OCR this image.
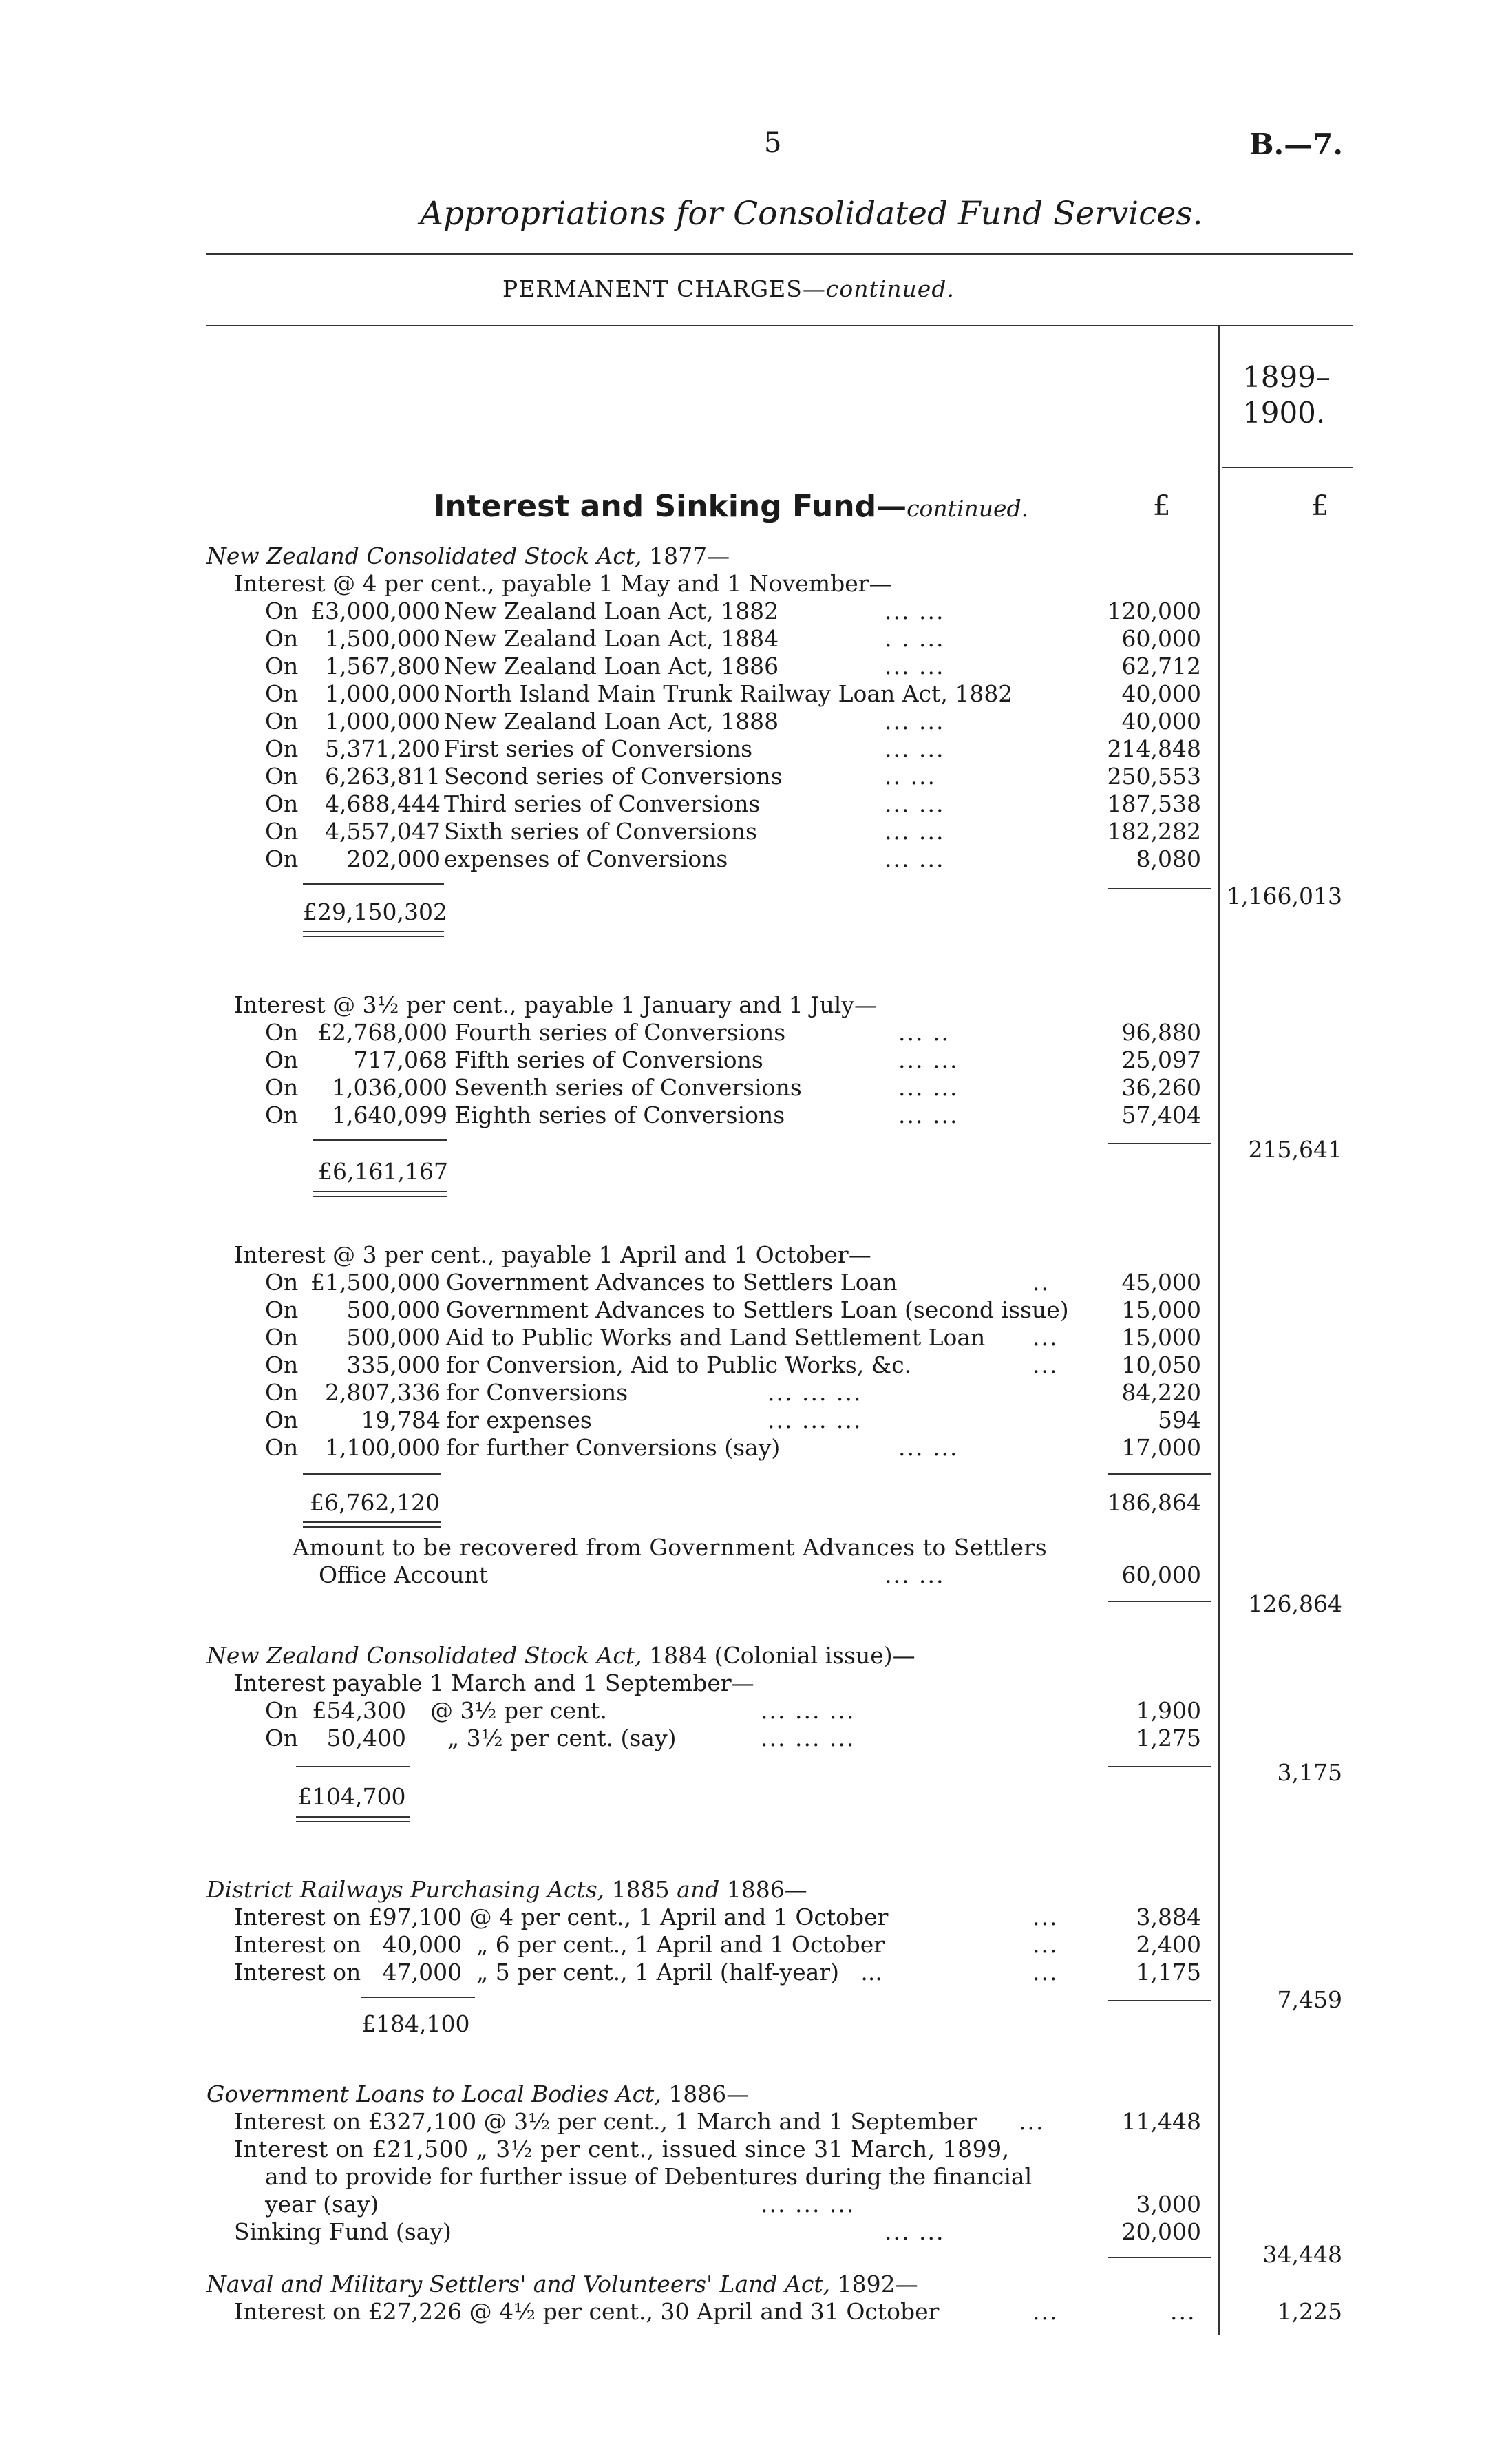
5	B.—7.
Appropriations for Consolidated Fund Services.
PERMANENT CHARGES—continued.
1899–1900.
Interest and Sinking Fund—continued.	£	£
New Zealand Consolidated Stock Act, 1877—
Interest @ 4 per cent., payable 1 May and 1 November—
On £3,000,000 New Zealand Loan Act, 1882	... ...	120,000
On	1,500,000 New Zealand Loan Act, 1884	. . ...	60,000
On	1,567,800 New Zealand Loan Act, 1886	... ...	62,712
On	1,000,000 North Island Main Trunk Railway Loan Act, 1882	40,000
On	1,000,000 New Zealand Loan Act, 1888	... ...	40,000
On	5,371,200 First series of Conversions	... ...	214,848
On	6,263,811 Second series of Conversions	.. ...	250,553
On	4,688,444 Third series of Conversions	... ...	187,538
On	4,557,047 Sixth series of Conversions	... ...	182,282
On	202,000 expenses of Conversions	... ...	8,080
£29,150,302
1,166,013
Interest @ 3½ per cent., payable 1 January and 1 July—
On £2,768,000 Fourth series of Conversions	... ..	96,880
On	717,068 Fifth series of Conversions	... ...	25,097
On	1,036,000 Seventh series of Conversions	... ...	36,260
On	1,640,099 Eighth series of Conversions	... ...	57,404
£6,161,167
215,641
Interest @ 3 per cent., payable 1 April and 1 October—
On £1,500,000 Government Advances to Settlers Loan	..	45,000
On	500,000 Government Advances to Settlers Loan (second issue)	15,000
On	500,000 Aid to Public Works and Land Settlement Loan ...	15,000
On	335,000 for Conversion, Aid to Public Works, &c.	...	10,050
On	2,807,336 for Conversions	... ... ...	84,220
On	19,784 for expenses	... ... ...	594
On	1,100,000 for further Conversions (say)	... ...	17,000
£6,762,120	186,864
Amount to be recovered from Government Advances to Settlers
Office Account	... ...	60,000
126,864
New Zealand Consolidated Stock Act, 1884 (Colonial issue)—
Interest payable 1 March and 1 September—
On £54,300 @ 3½ per cent.	... ... ...	1,900
On	50,400 „ 3½ per cent. (say)	... ... ...	1,275
£104,700
3,175
District Railways Purchasing Acts, 1885 and 1886—
Interest on £97,100 @ 4 per cent., 1 April and 1 October	...	3,884
Interest on   40,000  „ 6 per cent., 1 April and 1 October	...	2,400
Interest on   47,000  „ 5 per cent., 1 April (half-year)   ...	...	1,175
£184,100
7,459
Government Loans to Local Bodies Act, 1886—
Interest on £327,100 @ 3½ per cent., 1 March and 1 September ...	11,448
Interest on £21,500 „ 3½ per cent., issued since 31 March, 1899,
and to provide for further issue of Debentures during the financial
year (say)	... ... ...	3,000
Sinking Fund (say)	... ...	20,000
34,448
Naval and Military Settlers' and Volunteers' Land Act, 1892—
Interest on £27,226 @ 4½ per cent., 30 April and 31 October	...	...	1,225
